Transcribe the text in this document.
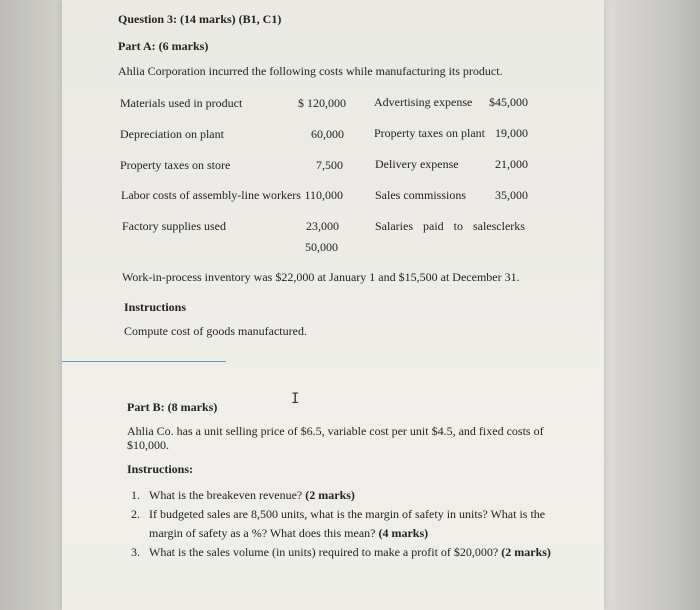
Question 3: (14 marks) (B1, C1)
Part A: (6 marks)
Ahlia Corporation incurred the following costs while manufacturing its product.
Materials used in product
Depreciation on plant
Property taxes on store
Labor costs of assembly-line workers
Factory supplies used
$ 120,000
60,000
7,500
110,000
23,000
50,000
Advertising expense
Property taxes on plant
Delivery expense
Sales commissions
Salaries paid to salesclerks
$45,000
19,000
21,000
35,000
Work-in-process inventory was $22,000 at January 1 and $15,500 at December 31.
Instructions
Compute cost of goods manufactured.
I
Part B: (8 marks)
Ahlia Co. has a unit selling price of $6.5, variable cost per unit $4.5, and fixed costs of
$10,000.
Instructions:
1. What is the breakeven revenue? (2 marks)
2. If budgeted sales are 8,500 units, what is the margin of safety in units? What is the
margin of safety as a %? What does this mean? (4 marks)
3. What is the sales volume (in units) required to make a profit of $20,000? (2 marks)
